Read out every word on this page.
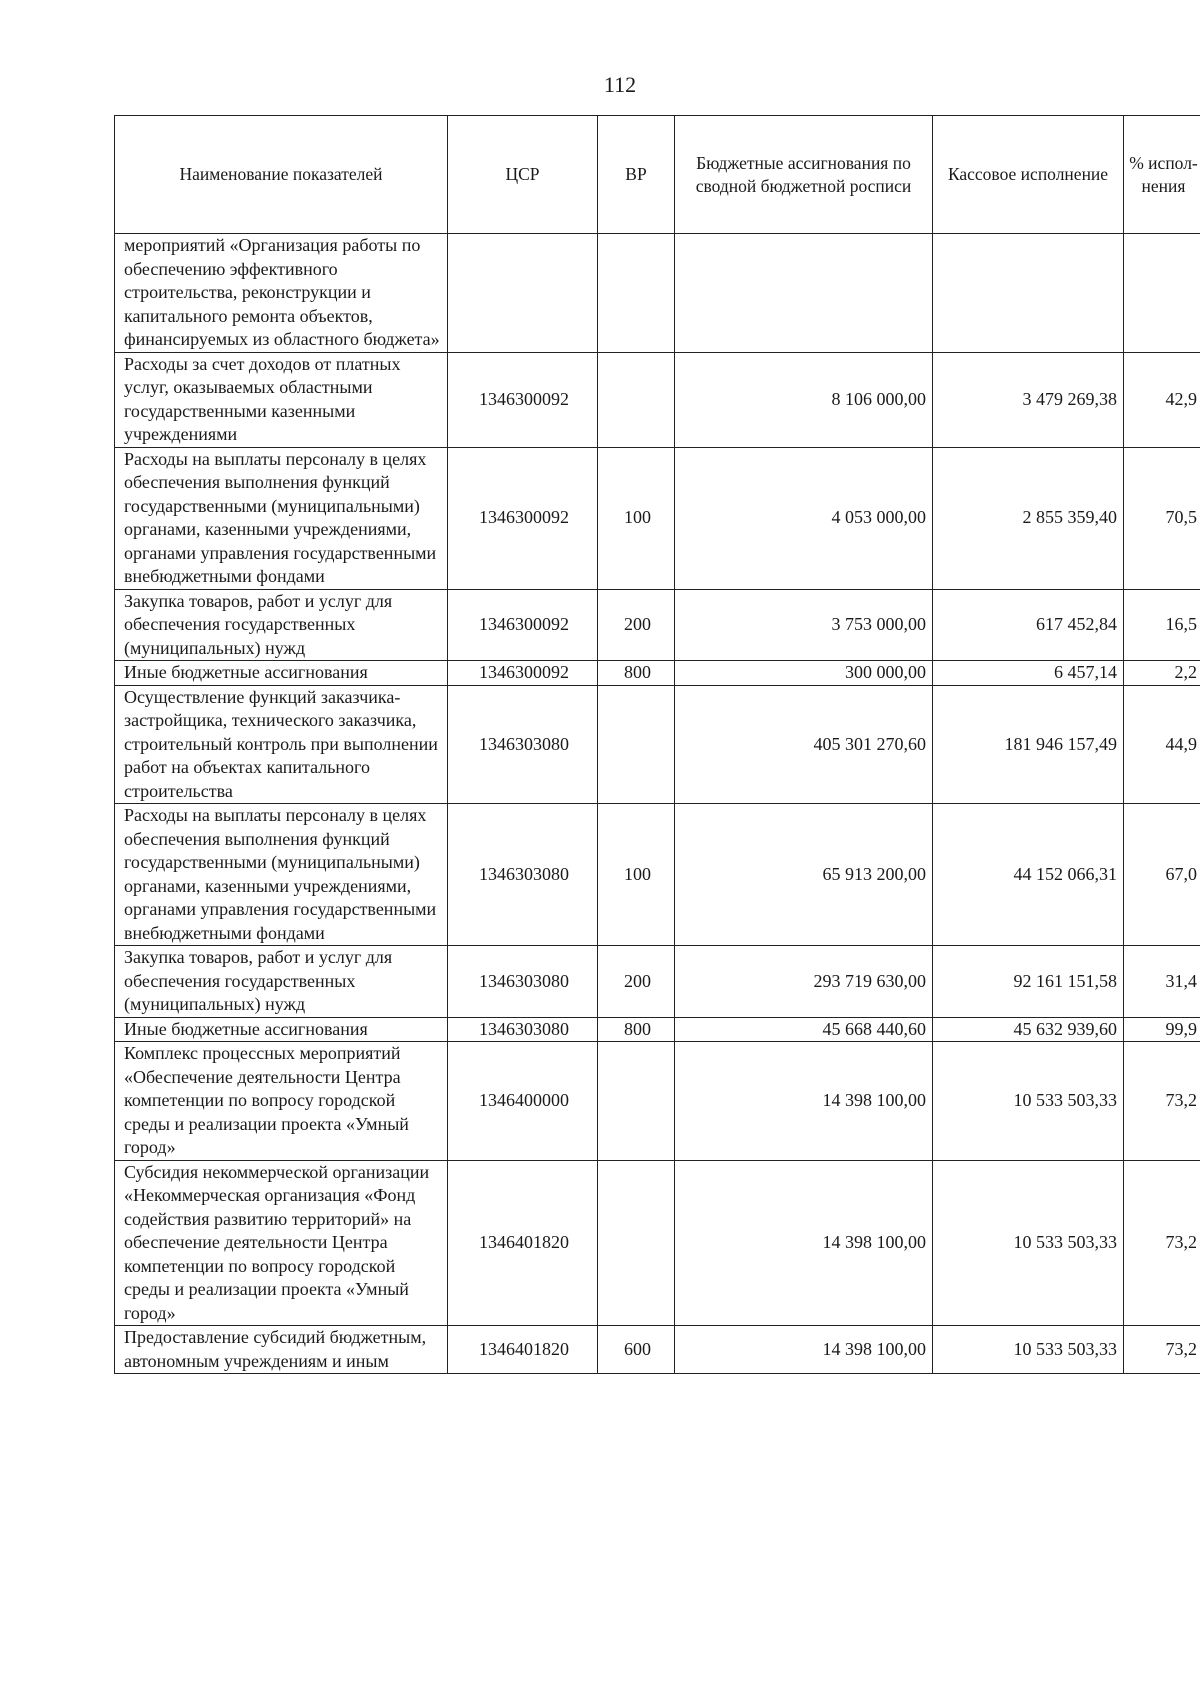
112
Наименование показателей	ЦСР	ВР	Бюджетные ассигнования по сводной бюджетной росписи	Кассовое исполнение	% испол-нения
мероприятий «Организация работы по обеспечению эффективного строительства, реконструкции и капитального ремонта объектов, финансируемых из областного бюджета»					
Расходы за счет доходов от платных услуг, оказываемых областными государственными казенными учреждениями	1346300092		8 106 000,00	3 479 269,38	42,9
Расходы на выплаты персоналу в целях обеспечения выполнения функций государственными (муниципальными) органами, казенными учреждениями, органами управления государственными внебюджетными фондами	1346300092	100	4 053 000,00	2 855 359,40	70,5
Закупка товаров, работ и услуг для обеспечения государственных (муниципальных) нужд	1346300092	200	3 753 000,00	617 452,84	16,5
Иные бюджетные ассигнования	1346300092	800	300 000,00	6 457,14	2,2
Осуществление функций заказчика-застройщика, технического заказчика, строительный контроль при выполнении работ на объектах капитального строительства	1346303080		405 301 270,60	181 946 157,49	44,9
Расходы на выплаты персоналу в целях обеспечения выполнения функций государственными (муниципальными) органами, казенными учреждениями, органами управления государственными внебюджетными фондами	1346303080	100	65 913 200,00	44 152 066,31	67,0
Закупка товаров, работ и услуг для обеспечения государственных (муниципальных) нужд	1346303080	200	293 719 630,00	92 161 151,58	31,4
Иные бюджетные ассигнования	1346303080	800	45 668 440,60	45 632 939,60	99,9
Комплекс процессных мероприятий «Обеспечение деятельности Центра компетенции по вопросу городской среды и реализации проекта «Умный город»	1346400000		14 398 100,00	10 533 503,33	73,2
Субсидия некоммерческой организации «Некоммерческая организация «Фонд содействия развитию территорий» на обеспечение деятельности Центра компетенции по вопросу городской среды и реализации проекта «Умный город»	1346401820		14 398 100,00	10 533 503,33	73,2
Предоставление субсидий бюджетным, автономным учреждениям и иным	1346401820	600	14 398 100,00	10 533 503,33	73,2
